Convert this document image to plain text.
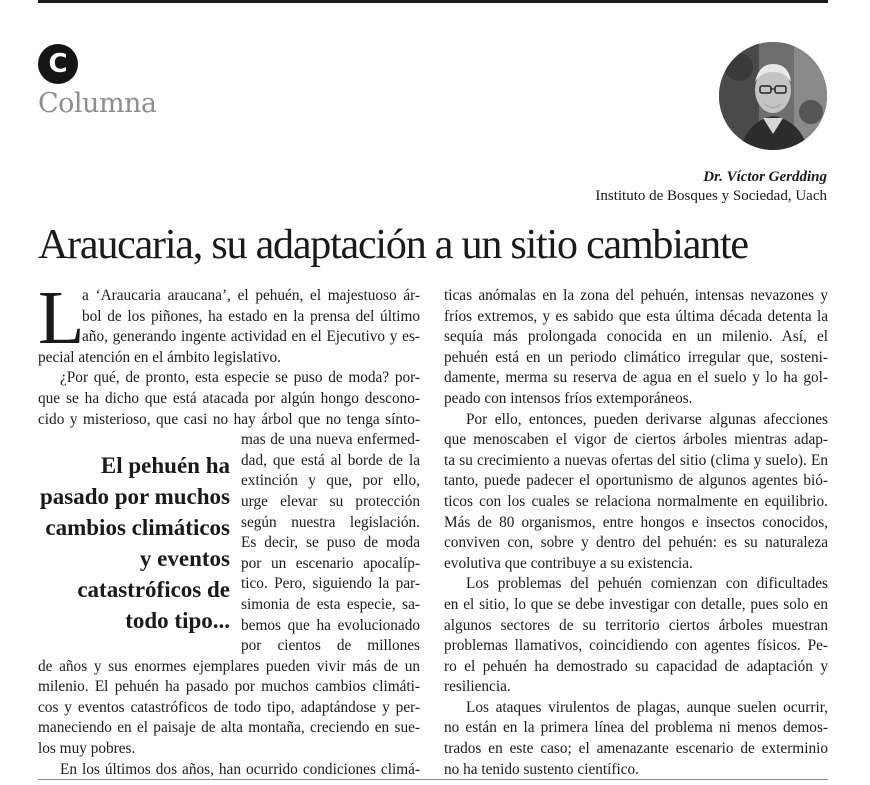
C
Columna
Dr. Víctor Gerdding
Instituto de Bosques y Sociedad, Uach
Araucaria, su adaptación a un sitio cambiante
L
a ‘Araucaria araucana’, el pehuén, el majestuoso ár-
bol de los piñones, ha estado en la prensa del último
año, generando ingente actividad en el Ejecutivo y es-
pecial atención en el ámbito legislativo.
¿Por qué, de pronto, esta especie se puso de moda? por-
que se ha dicho que está atacada por algún hongo descono-
cido y misterioso, que casi no hay árbol que no tenga sínto-
mas de una nueva enfermed-
dad, que está al borde de la
extinción y que, por ello,
urge elevar su protección
según nuestra legislación.
Es decir, se puso de moda
por un escenario apocalíp-
tico. Pero, siguiendo la par-
simonia de esta especie, sa-
bemos que ha evolucionado
por cientos de millones
de años y sus enormes ejemplares pueden vivir más de un
milenio. El pehuén ha pasado por muchos cambios climáti-
cos y eventos catastróficos de todo tipo, adaptándose y per-
maneciendo en el paisaje de alta montaña, creciendo en sue-
los muy pobres.
En los últimos dos años, han ocurrido condiciones climá-
El pehuén ha
pasado por muchos
cambios climáticos
y eventos
catastróficos de
todo tipo...
ticas anómalas en la zona del pehuén, intensas nevazones y
fríos extremos, y es sabido que esta última década detenta la
sequía más prolongada conocida en un milenio. Así, el
pehuén está en un periodo climático irregular que, sosteni-
damente, merma su reserva de agua en el suelo y lo ha gol-
peado con intensos fríos extemporáneos.
Por ello, entonces, pueden derivarse algunas afecciones
que menoscaben el vigor de ciertos árboles mientras adap-
ta su crecimiento a nuevas ofertas del sitio (clima y suelo). En
tanto, puede padecer el oportunismo de algunos agentes bió-
ticos con los cuales se relaciona normalmente en equilibrio.
Más de 80 organismos, entre hongos e insectos conocidos,
conviven con, sobre y dentro del pehuén: es su naturaleza
evolutiva que contribuye a su existencia.
Los problemas del pehuén comienzan con dificultades
en el sitio, lo que se debe investigar con detalle, pues solo en
algunos sectores de su territorio ciertos árboles muestran
problemas llamativos, coincidiendo con agentes físicos. Pe-
ro el pehuén ha demostrado su capacidad de adaptación y
resiliencia.
Los ataques virulentos de plagas, aunque suelen ocurrir,
no están en la primera línea del problema ni menos demos-
trados en este caso; el amenazante escenario de exterminio
no ha tenido sustento científico.
